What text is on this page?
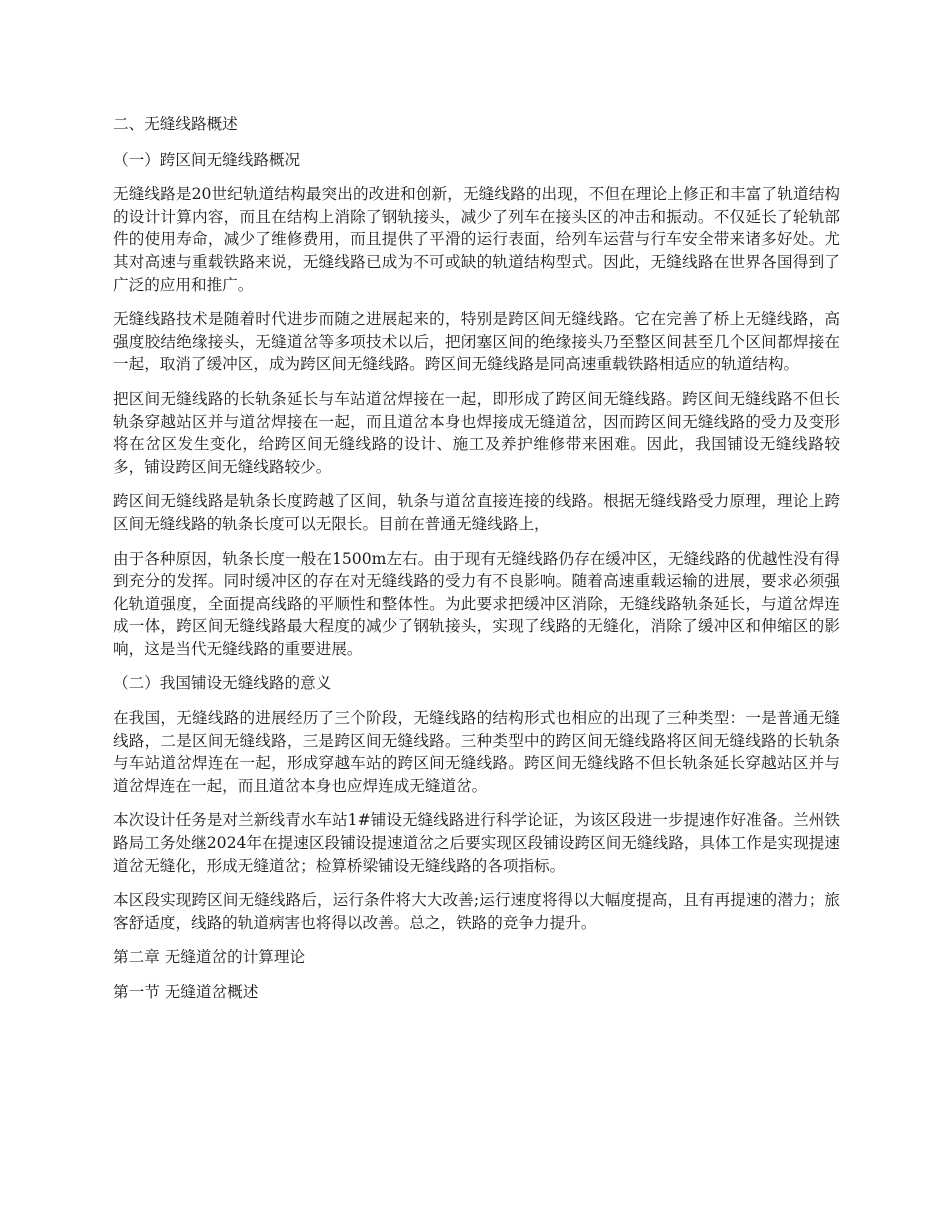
二、无缝线路概述

（一）跨区间无缝线路概况

无缝线路是20世纪轨道结构最突出的改进和创新，无缝线路的出现，不但在理论上修正和丰富了轨道结构的设计计算内容，而且在结构上消除了钢轨接头，减少了列车在接头区的冲击和振动。不仅延长了轮轨部件的使用寿命，减少了维修费用，而且提供了平滑的运行表面，给列车运营与行车安全带来诸多好处。尤其对高速与重载铁路来说，无缝线路已成为不可或缺的轨道结构型式。因此，无缝线路在世界各国得到了广泛的应用和推广。

无缝线路技术是随着时代进步而随之进展起来的，特别是跨区间无缝线路。它在完善了桥上无缝线路，高强度胶结绝缘接头，无缝道岔等多项技术以后，把闭塞区间的绝缘接头乃至整区间甚至几个区间都焊接在一起，取消了缓冲区，成为跨区间无缝线路。跨区间无缝线路是同高速重载铁路相适应的轨道结构。

把区间无缝线路的长轨条延长与车站道岔焊接在一起，即形成了跨区间无缝线路。跨区间无缝线路不但长轨条穿越站区并与道岔焊接在一起，而且道岔本身也焊接成无缝道岔，因而跨区间无缝线路的受力及变形将在岔区发生变化，给跨区间无缝线路的设计、施工及养护维修带来困难。因此，我国铺设无缝线路较多，铺设跨区间无缝线路较少。

跨区间无缝线路是轨条长度跨越了区间，轨条与道岔直接连接的线路。根据无缝线路受力原理，理论上跨区间无缝线路的轨条长度可以无限长。目前在普通无缝线路上，

由于各种原因，轨条长度一般在1500m左右。由于现有无缝线路仍存在缓冲区，无缝线路的优越性没有得到充分的发挥。同时缓冲区的存在对无缝线路的受力有不良影响。随着高速重载运输的进展，要求必须强化轨道强度，全面提高线路的平顺性和整体性。为此要求把缓冲区消除，无缝线路轨条延长，与道岔焊连成一体，跨区间无缝线路最大程度的减少了钢轨接头，实现了线路的无缝化，消除了缓冲区和伸缩区的影响，这是当代无缝线路的重要进展。

（二）我国铺设无缝线路的意义

在我国，无缝线路的进展经历了三个阶段，无缝线路的结构形式也相应的出现了三种类型：一是普通无缝线路，二是区间无缝线路，三是跨区间无缝线路。三种类型中的跨区间无缝线路将区间无缝线路的长轨条与车站道岔焊连在一起，形成穿越车站的跨区间无缝线路。跨区间无缝线路不但长轨条延长穿越站区并与道岔焊连在一起，而且道岔本身也应焊连成无缝道岔。

本次设计任务是对兰新线青水车站1#铺设无缝线路进行科学论证，为该区段进一步提速作好准备。兰州铁路局工务处继2024年在提速区段铺设提速道岔之后要实现区段铺设跨区间无缝线路，具体工作是实现提速道岔无缝化，形成无缝道岔；检算桥梁铺设无缝线路的各项指标。

本区段实现跨区间无缝线路后，运行条件将大大改善;运行速度将得以大幅度提高，且有再提速的潜力；旅客舒适度，线路的轨道病害也将得以改善。总之，铁路的竞争力提升。

第二章 无缝道岔的计算理论

第一节 无缝道岔概述
